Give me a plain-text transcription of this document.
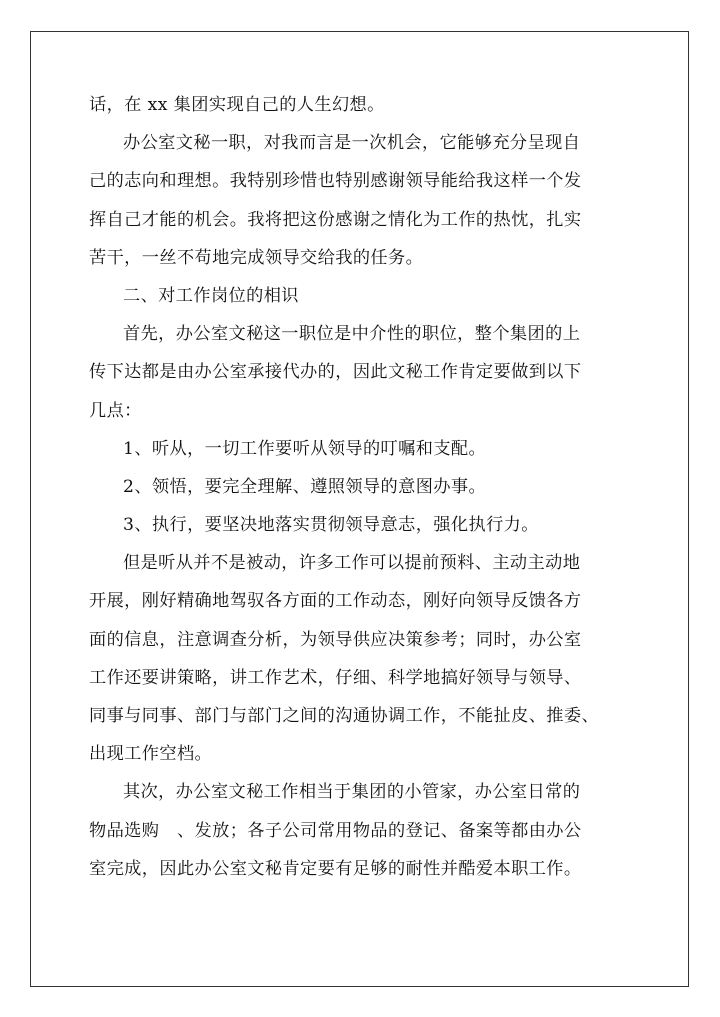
话，在 xx 集团实现自己的人生幻想。
办公室文秘一职，对我而言是一次机会，它能够充分呈现自
己的志向和理想。我特别珍惜也特别感谢领导能给我这样一个发
挥自己才能的机会。我将把这份感谢之情化为工作的热忱，扎实
苦干，一丝不苟地完成领导交给我的任务。
二、对工作岗位的相识
首先，办公室文秘这一职位是中介性的职位，整个集团的上
传下达都是由办公室承接代办的，因此文秘工作肯定要做到以下
几点：
1、听从，一切工作要听从领导的叮嘱和支配。
2、领悟，要完全理解、遵照领导的意图办事。
3、执行，要坚决地落实贯彻领导意志，强化执行力。
但是听从并不是被动，许多工作可以提前预料、主动主动地
开展，刚好精确地驾驭各方面的工作动态，刚好向领导反馈各方
面的信息，注意调查分析，为领导供应决策参考；同时，办公室
工作还要讲策略，讲工作艺术，仔细、科学地搞好领导与领导、
同事与同事、部门与部门之间的沟通协调工作，不能扯皮、推委、
出现工作空档。
其次，办公室文秘工作相当于集团的小管家，办公室日常的
物品选购　、发放；各子公司常用物品的登记、备案等都由办公
室完成，因此办公室文秘肯定要有足够的耐性并酷爱本职工作。
